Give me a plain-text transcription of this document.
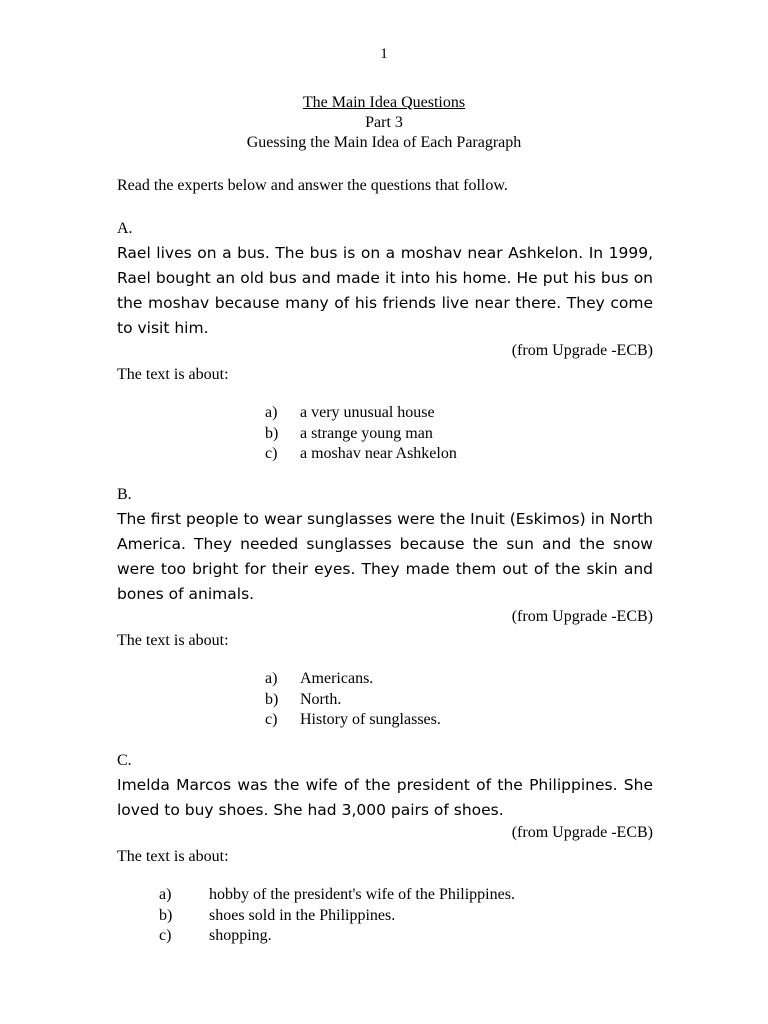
1
The Main Idea Questions
Part 3
Guessing the Main Idea of Each Paragraph
Read the experts below and answer the questions that follow.
A.
Rael lives on a bus. The bus is on a moshav near Ashkelon. In 1999, Rael bought an old bus and made it into his home. He put his bus on the moshav because many of his friends live near there. They come to visit him.
(from Upgrade -ECB)
The text is about:
a)	a very unusual house
b)	a strange young man
c)	a moshav near Ashkelon
B.
The first people to wear sunglasses were the Inuit (Eskimos) in North America. They needed sunglasses because the sun and the snow were too bright for their eyes. They made them out of the skin and bones of animals.
(from Upgrade -ECB)
The text is about:
a)	Americans.
b)	North.
c)	History of sunglasses.
C.
Imelda Marcos was the wife of the president of the Philippines. She loved to buy shoes. She had 3,000 pairs of shoes.
(from Upgrade -ECB)
The text is about:
a)	hobby of the president's wife of the Philippines.
b)	shoes sold in the Philippines.
c)	shopping.
